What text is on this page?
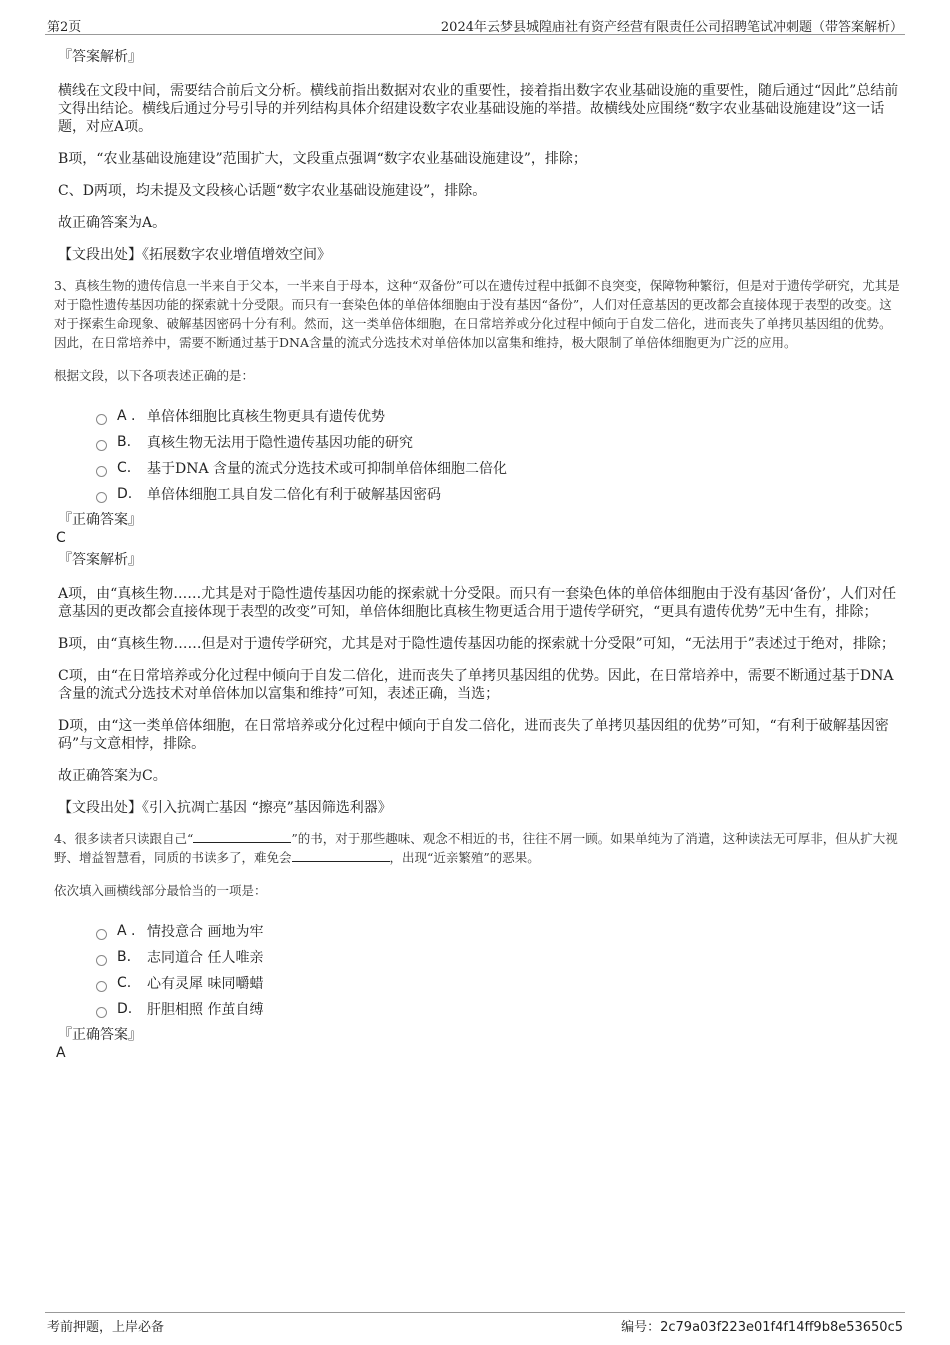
第2页	2024年云梦县城隍庙社有资产经营有限责任公司招聘笔试冲刺题（带答案解析）
『答案解析』
横线在文段中间，需要结合前后文分析。横线前指出数据对农业的重要性，接着指出数字农业基础设施的重要性，随后通过“因此”总结前文得出结论。横线后通过分号引导的并列结构具体介绍建设数字农业基础设施的举措。故横线处应围绕“数字农业基础设施建设”这一话题，对应A项。
B项，“农业基础设施建设”范围扩大，文段重点强调“数字农业基础设施建设”，排除；
C、D两项，均未提及文段核心话题“数字农业基础设施建设”，排除。
故正确答案为A。
【文段出处】《拓展数字农业增值增效空间》
3、真核生物的遗传信息一半来自于父本，一半来自于母本，这种“双备份”可以在遗传过程中抵御不良突变，保障物种繁衍，但是对于遗传学研究，尤其是对于隐性遗传基因功能的探索就十分受限。而只有一套染色体的单倍体细胞由于没有基因“备份”，人们对任意基因的更改都会直接体现于表型的改变。这对于探索生命现象、破解基因密码十分有利。然而，这一类单倍体细胞，在日常培养或分化过程中倾向于自发二倍化，进而丧失了单拷贝基因组的优势。因此，在日常培养中，需要不断通过基于DNA含量的流式分选技术对单倍体加以富集和维持，极大限制了单倍体细胞更为广泛的应用。
根据文段，以下各项表述正确的是：
A . 单倍体细胞比真核生物更具有遗传优势
B.	真核生物无法用于隐性遗传基因功能的研究
C.	基于DNA 含量的流式分选技术或可抑制单倍体细胞二倍化
D.	单倍体细胞工具自发二倍化有利于破解基因密码
『正确答案』
C
『答案解析』
A项，由“真核生物……尤其是对于隐性遗传基因功能的探索就十分受限。而只有一套染色体的单倍体细胞由于没有基因‘备份’，人们对任意基因的更改都会直接体现于表型的改变”可知，单倍体细胞比真核生物更适合用于遗传学研究，“更具有遗传优势”无中生有，排除；
B项，由“真核生物……但是对于遗传学研究，尤其是对于隐性遗传基因功能的探索就十分受限”可知，“无法用于”表述过于绝对，排除；
C项，由“在日常培养或分化过程中倾向于自发二倍化，进而丧失了单拷贝基因组的优势。因此，在日常培养中，需要不断通过基于DNA 含量的流式分选技术对单倍体加以富集和维持”可知，表述正确，当选；
D项，由“这一类单倍体细胞，在日常培养或分化过程中倾向于自发二倍化，进而丧失了单拷贝基因组的优势”可知，“有利于破解基因密码”与文意相悖，排除。
故正确答案为C。
【文段出处】《引入抗凋亡基因 “擦亮”基因筛选利器》
4、很多读者只读跟自己“	”的书，对于那些趣味、观念不相近的书，往往不屑一顾。如果单纯为了消遣，这种读法无可厚非，但从扩大视野、增益智慧看，同质的书读多了，难免会	，出现“近亲繁殖”的恶果。
依次填入画横线部分最恰当的一项是：
A . 情投意合 画地为牢
B.	志同道合 任人唯亲
C.	心有灵犀 味同嚼蜡
D.	肝胆相照 作茧自缚
『正确答案』
A
考前押题，上岸必备	编号：2c79a03f223e01f4f14ff9b8e53650c5
